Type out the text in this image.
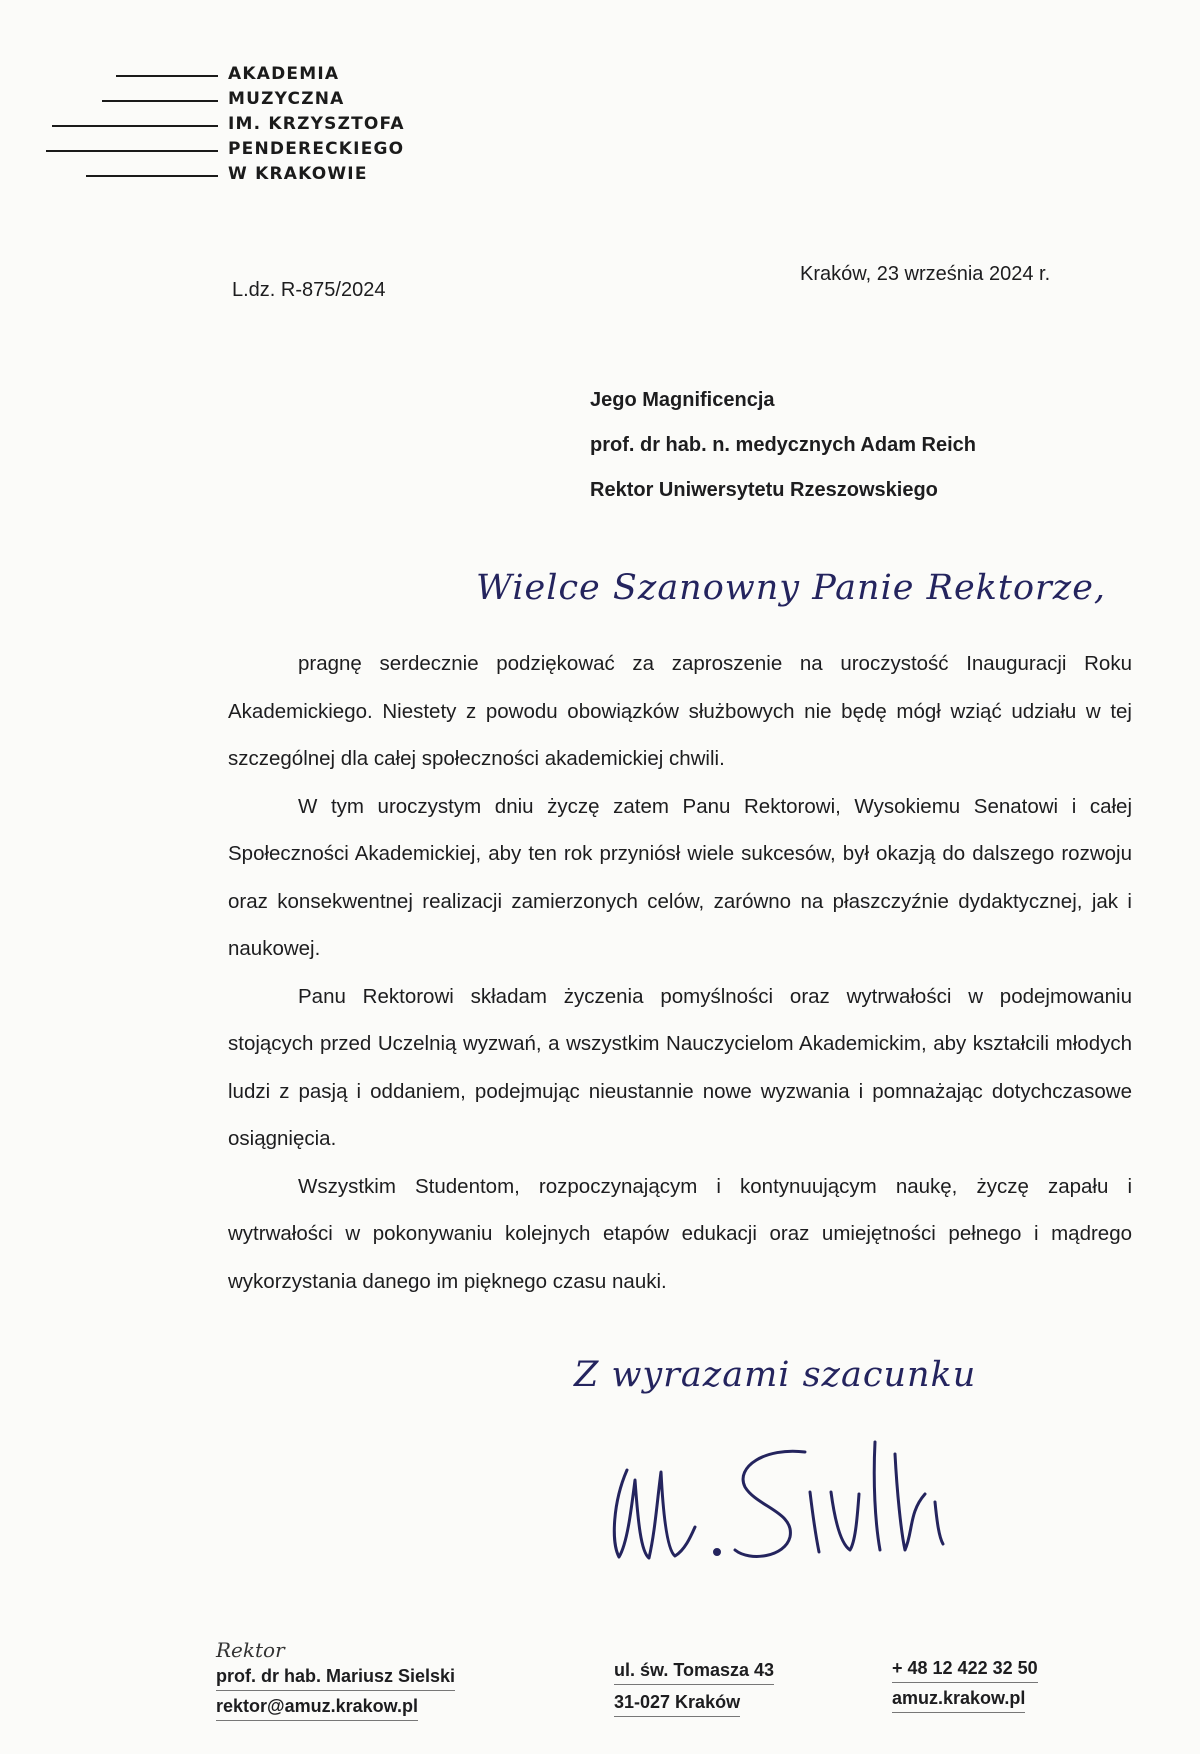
AKADEMIA
MUZYCZNA
IM. KRZYSZTOFA
PENDERECKIEGO
W KRAKOWIE
L.dz. R-875/2024
Kraków, 23 września 2024 r.
Jego Magnificencja
prof. dr hab. n. medycznych Adam Reich
Rektor Uniwersytetu Rzeszowskiego
Wielce Szanowny Panie Rektorze,

pragnę serdecznie podziękować za zaproszenie na uroczystość Inauguracji Roku Akademickiego. Niestety z powodu obowiązków służbowych nie będę mógł wziąć udziału w tej szczególnej dla całej społeczności akademickiej chwili.

W tym uroczystym dniu życzę zatem Panu Rektorowi, Wysokiemu Senatowi i całej Społeczności Akademickiej, aby ten rok przyniósł wiele sukcesów, był okazją do dalszego rozwoju oraz konsekwentnej realizacji zamierzonych celów, zarówno na płaszczyźnie dydaktycznej, jak i naukowej.

Panu Rektorowi składam życzenia pomyślności oraz wytrwałości w podejmowaniu stojących przed Uczelnią wyzwań, a wszystkim Nauczycielom Akademickim, aby kształcili młodych ludzi z pasją i oddaniem, podejmując nieustannie nowe wyzwania i pomnażając dotychczasowe osiągnięcia.

Wszystkim Studentom, rozpoczynającym i kontynuującym naukę, życzę zapału i wytrwałości w pokonywaniu kolejnych etapów edukacji oraz umiejętności pełnego i mądrego wykorzystania danego im pięknego czasu nauki.

Z wyrazami szacunku
Rektor
prof. dr hab. Mariusz Sielski
rektor@amuz.krakow.pl
ul. św. Tomasza 43
31-027 Kraków
+ 48 12 422 32 50
amuz.krakow.pl
